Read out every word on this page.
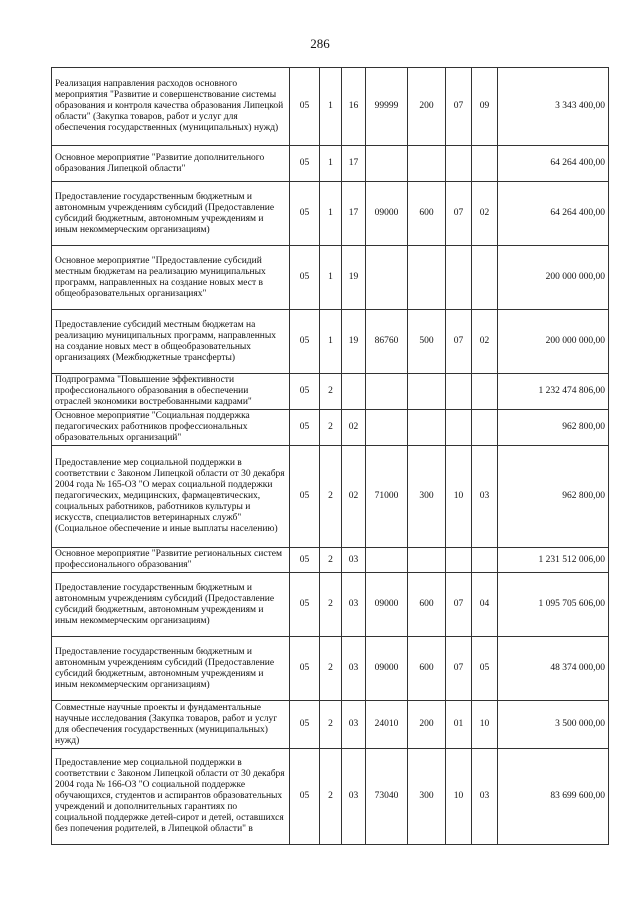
286
Реализация направления расходов основного мероприятия "Развитие и совершенствование системы образования и контроля качества образования Липецкой области" (Закупка товаров, работ и услуг для обеспечения государственных (муниципальных) нужд)	05	1	16	99999	200	07	09	3 343 400,00
Основное мероприятие "Развитие дополнительного образования Липецкой области"	05	1	17					64 264 400,00
Предоставление государственным бюджетным и автономным учреждениям субсидий (Предоставление субсидий бюджетным, автономным учреждениям и иным некоммерческим организациям)	05	1	17	09000	600	07	02	64 264 400,00
Основное мероприятие "Предоставление субсидий местным бюджетам на реализацию муниципальных программ, направленных на создание новых мест в общеобразовательных организациях"	05	1	19					200 000 000,00
Предоставление субсидий местным бюджетам на реализацию муниципальных программ, направленных на создание новых мест в общеобразовательных организациях (Межбюджетные трансферты)	05	1	19	86760	500	07	02	200 000 000,00
Подпрограмма "Повышение эффективности профессионального образования в обеспечении отраслей экономики востребованными кадрами"	05	2						1 232 474 806,00
Основное мероприятие "Социальная поддержка педагогических работников профессиональных образовательных организаций"	05	2	02					962 800,00
Предоставление мер социальной поддержки в соответствии с Законом Липецкой области от 30 декабря 2004 года № 165-ОЗ "О мерах социальной поддержки педагогических, медицинских, фармацевтических, социальных работников, работников культуры и искусств, специалистов ветеринарных служб" (Социальное обеспечение и иные выплаты населению)	05	2	02	71000	300	10	03	962 800,00
Основное мероприятие "Развитие региональных систем профессионального образования"	05	2	03					1 231 512 006,00
Предоставление государственным бюджетным и автономным учреждениям субсидий (Предоставление субсидий бюджетным, автономным учреждениям и иным некоммерческим организациям)	05	2	03	09000	600	07	04	1 095 705 606,00
Предоставление государственным бюджетным и автономным учреждениям субсидий (Предоставление субсидий бюджетным, автономным учреждениям и иным некоммерческим организациям)	05	2	03	09000	600	07	05	48 374 000,00
Совместные научные проекты и фундаментальные научные исследования (Закупка товаров, работ и услуг для обеспечения государственных (муниципальных) нужд)	05	2	03	24010	200	01	10	3 500 000,00
Предоставление мер социальной поддержки в соответствии с Законом Липецкой области от 30 декабря 2004 года № 166-ОЗ "О социальной поддержке обучающихся, студентов и аспирантов образовательных учреждений и дополнительных гарантиях по социальной поддержке детей-сирот и детей, оставшихся без попечения родителей, в Липецкой области" в	05	2	03	73040	300	10	03	83 699 600,00
